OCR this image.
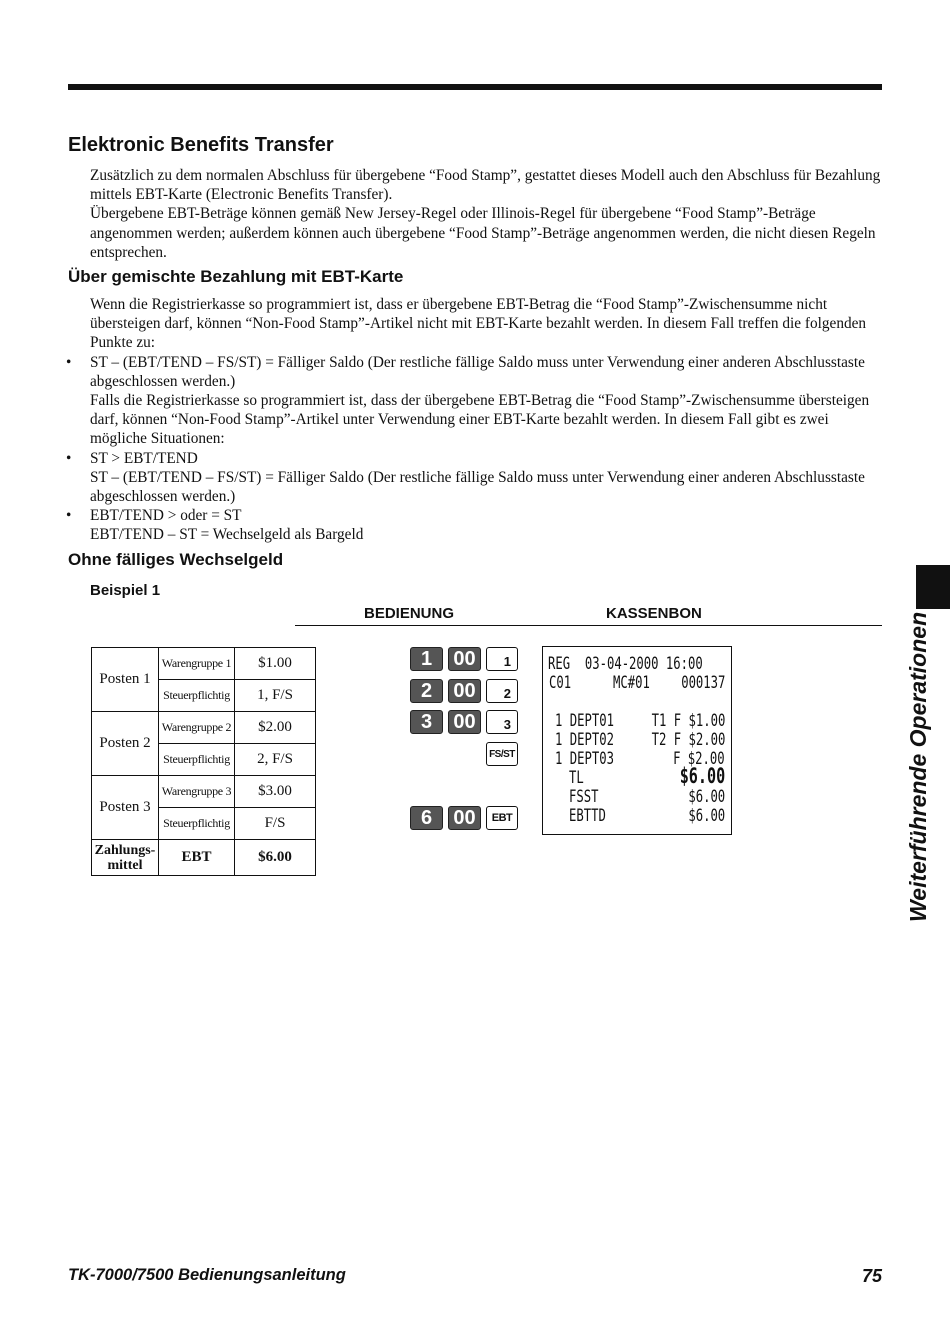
Weiterführende Operationen
Elektronic Benefits Transfer

Zusätzlich zu dem normalen Abschluss für übergebene “Food Stamp”, gestattet dieses Modell auch den Abschluss für Bezahlung mittels EBT-Karte (Electronic Benefits Transfer).

Übergebene EBT-Beträge können gemäß New Jersey-Regel oder Illinois-Regel für übergebene “Food Stamp”-Beträge angenommen werden; außerdem können auch übergebene “Food Stamp”-Beträge angenommen werden, die nicht diesen Regeln entsprechen.

Über gemischte Bezahlung mit EBT-Karte

Wenn die Registrierkasse so programmiert ist, dass er übergebene EBT-Betrag die “Food Stamp”-Zwischensumme nicht übersteigen darf, können “Non-Food Stamp”-Artikel nicht mit EBT-Karte bezahlt werden. In diesem Fall treffen die folgenden Punkte zu:

• ST – (EBT/TEND – FS/ST) = Fälliger Saldo (Der restliche fällige Saldo muss unter Verwendung einer anderen Abschlusstaste abgeschlossen werden.)

Falls die Registrierkasse so programmiert ist, dass der übergebene EBT-Betrag die “Food Stamp”-Zwischensumme übersteigen darf, können “Non-Food Stamp”-Artikel unter Verwendung einer EBT-Karte bezahlt werden. In diesem Fall gibt es zwei mögliche Situationen:

• ST > EBT/TEND

ST – (EBT/TEND – FS/ST) = Fälliger Saldo (Der restliche fällige Saldo muss unter Verwendung einer anderen Abschlusstaste abgeschlossen werden.)

• EBT/TEND > oder = ST

EBT/TEND – ST = Wechselgeld als Bargeld

Ohne fälliges Wechselgeld
Beispiel 1
BEDIENUNG	KASSENBON
Posten 1	Warengruppe 1	$1.00
	Steuerpflichtig	1, F/S
Posten 2	Warengruppe 2	$2.00
	Steuerpflichtig	2, F/S
Posten 3	Warengruppe 3	$3.00
	Steuerpflichtig	F/S

Zahlungs-
mittel	EBT	$6.00
1	00	1
2	00	2
3	00	3
FS/ST
6	00	EBT
REG  03-04-2000 16:00
C01 MC#01 000137
1 DEPT01 T1 F $1.00
1 DEPT02 T2 F $2.00
1 DEPT03	F $2.00
TL	$6.00
FSST	$6.00
EBTTD	$6.00
TK-7000/7500 Bedienungsanleitung	75
